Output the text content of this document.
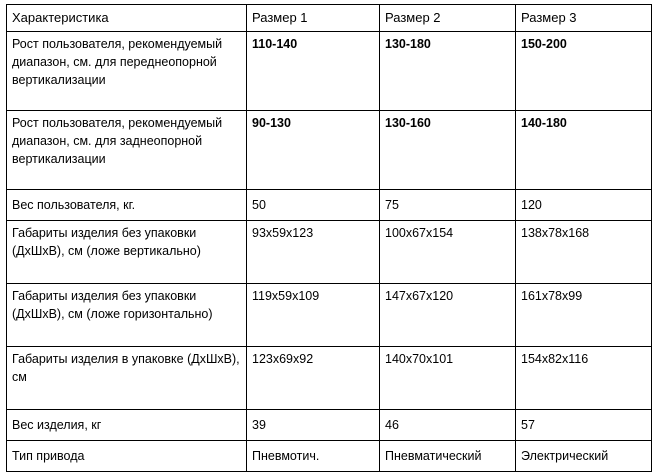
Характеристика	Размер 1	Размер 2	Размер 3
Рост пользователя, рекомендуемый диапазон, см. для переднеопорной вертикализации	110-140	130-180	150-200
Рост пользователя, рекомендуемый диапазон, см. для заднеопорной вертикализации	90-130	130-160	140-180
Вес пользователя, кг.	50	75	120
Габариты изделия без упаковки (ДхШхВ), см (ложе вертикально)	93x59x123	100x67x154	138x78x168
Габариты изделия без упаковки (ДхШхВ), см (ложе горизонтально)	119x59x109	147x67x120	161x78x99
Габариты изделия в упаковке (ДхШхВ), см	123x69x92	140x70x101	154x82x116
Вес изделия, кг	39	46	57
Тип привода	Пневмотич.	Пневматический	Электрический
